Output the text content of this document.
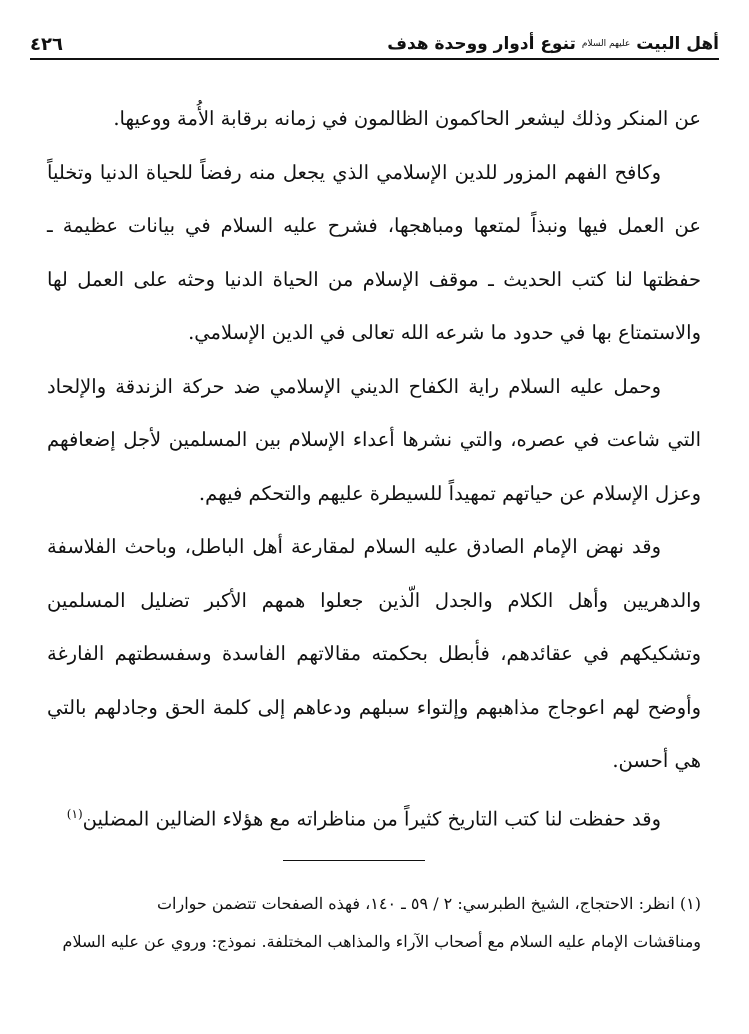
أهل البيت
عليهم السلام
تنوع أدوار ووحدة هدف
٤٢٦

عن المنكر وذلك ليشعر الحاكمون الظالمون في زمانه برقابة الأُمة ووعيها.

وكافح الفهم المزور للدين الإسلامي الذي يجعل منه رفضاً للحياة الدنيا وتخلياً عن العمل فيها ونبذاً لمتعها ومباهجها، فشرح عليه السلام في بيانات عظيمة ـ حفظتها لنا كتب الحديث ـ موقف الإسلام من الحياة الدنيا وحثه على العمل لها والاستمتاع بها في حدود ما شرعه الله تعالى في الدين الإسلامي.

وحمل عليه السلام راية الكفاح الديني الإسلامي ضد حركة الزندقة والإلحاد التي شاعت في عصره، والتي نشرها أعداء الإسلام بين المسلمين لأجل إضعافهم وعزل الإسلام عن حياتهم تمهيداً للسيطرة عليهم والتحكم فيهم.

وقد نهض الإمام الصادق عليه السلام لمقارعة أهل الباطل، وباحث الفلاسفة والدهريين وأهل الكلام والجدل الّذين جعلوا همهم الأكبر تضليل المسلمين وتشكيكهم في عقائدهم، فأبطل بحكمته مقالاتهم الفاسدة وسفسطتهم الفارغة وأوضح لهم اعوجاج مذاهبهم وإلتواء سبلهم ودعاهم إلى كلمة الحق وجادلهم بالتي هي أحسن.

وقد حفظت لنا كتب التاريخ كثيراً من مناظراته مع هؤلاء الضالين المضلين$^{(١)}$

(١) انظر: الاحتجاج، الشيخ الطبرسي: ٢ / ٥٩ ـ ١٤٠، فهذه الصفحات تتضمن حوارات

ومناقشات الإمام عليه السلام مع أصحاب الآراء والمذاهب المختلفة. نموذج: وروي عن عليه السلام
